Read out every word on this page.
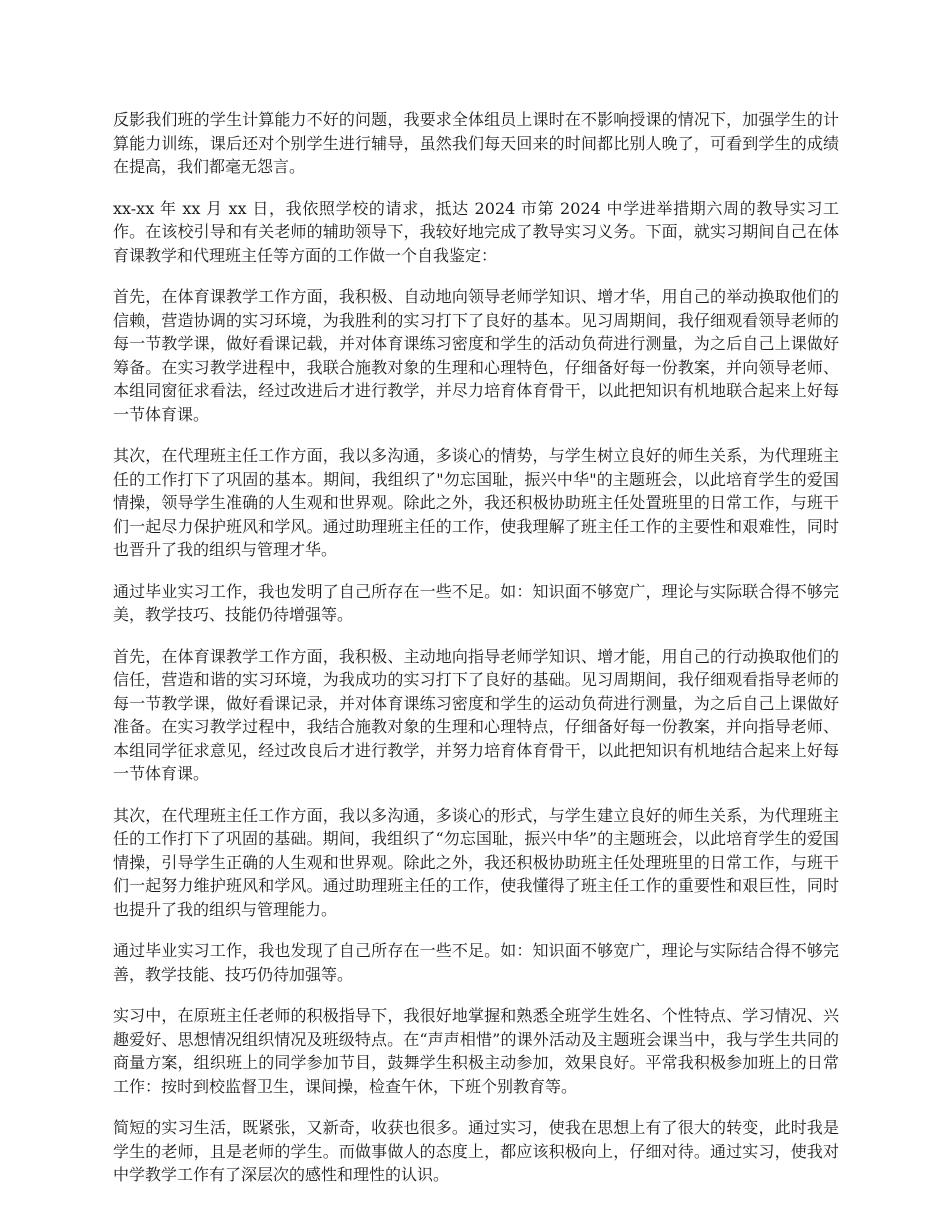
反影我们班的学生计算能力不好的问题，我要求全体组员上课时在不影响授课的情况下，加强学生的计算能力训练，课后还对个别学生进行辅导，虽然我们每天回来的时间都比别人晚了，可看到学生的成绩在提高，我们都毫无怨言。

xx-xx 年 xx 月 xx 日，我依照学校的请求，抵达 2024 市第 2024 中学进举措期六周的教导实习工作。在该校引导和有关老师的辅助领导下，我较好地完成了教导实习义务。下面，就实习期间自己在体育课教学和代理班主任等方面的工作做一个自我鉴定：

首先，在体育课教学工作方面，我积极、自动地向领导老师学知识、增才华，用自己的举动换取他们的信赖，营造协调的实习环境，为我胜利的实习打下了良好的基本。见习周期间，我仔细观看领导老师的每一节教学课，做好看课记载，并对体育课练习密度和学生的活动负荷进行测量，为之后自己上课做好筹备。在实习教学进程中，我联合施教对象的生理和心理特色，仔细备好每一份教案，并向领导老师、本组同窗征求看法，经过改进后才进行教学，并尽力培育体育骨干，以此把知识有机地联合起来上好每一节体育课。

其次，在代理班主任工作方面，我以多沟通，多谈心的情势，与学生树立良好的师生关系，为代理班主任的工作打下了巩固的基本。期间，我组织了"勿忘国耻，振兴中华"的主题班会，以此培育学生的爱国情操，领导学生准确的人生观和世界观。除此之外，我还积极协助班主任处置班里的日常工作，与班干们一起尽力保护班风和学风。通过助理班主任的工作，使我理解了班主任工作的主要性和艰难性，同时也晋升了我的组织与管理才华。

通过毕业实习工作，我也发明了自己所存在一些不足。如：知识面不够宽广，理论与实际联合得不够完美，教学技巧、技能仍待增强等。

首先，在体育课教学工作方面，我积极、主动地向指导老师学知识、增才能，用自己的行动换取他们的信任，营造和谐的实习环境，为我成功的实习打下了良好的基础。见习周期间，我仔细观看指导老师的每一节教学课，做好看课记录，并对体育课练习密度和学生的运动负荷进行测量，为之后自己上课做好准备。在实习教学过程中，我结合施教对象的生理和心理特点，仔细备好每一份教案，并向指导老师、本组同学征求意见，经过改良后才进行教学，并努力培育体育骨干，以此把知识有机地结合起来上好每一节体育课。

其次，在代理班主任工作方面，我以多沟通，多谈心的形式，与学生建立良好的师生关系，为代理班主任的工作打下了巩固的基础。期间，我组织了“勿忘国耻，振兴中华”的主题班会，以此培育学生的爱国情操，引导学生正确的人生观和世界观。除此之外，我还积极协助班主任处理班里的日常工作，与班干们一起努力维护班风和学风。通过助理班主任的工作，使我懂得了班主任工作的重要性和艰巨性，同时也提升了我的组织与管理能力。

通过毕业实习工作，我也发现了自己所存在一些不足。如：知识面不够宽广，理论与实际结合得不够完善，教学技能、技巧仍待加强等。

实习中，在原班主任老师的积极指导下，我很好地掌握和熟悉全班学生姓名、个性特点、学习情况、兴趣爱好、思想情况组织情况及班级特点。在“声声相惜”的课外活动及主题班会课当中，我与学生共同的商量方案，组织班上的同学参加节目，鼓舞学生积极主动参加，效果良好。平常我积极参加班上的日常工作：按时到校监督卫生，课间操，检查午休，下班个别教育等。

简短的实习生活，既紧张，又新奇，收获也很多。通过实习，使我在思想上有了很大的转变，此时我是学生的老师，且是老师的学生。而做事做人的态度上，都应该积极向上，仔细对待。通过实习，使我对中学教学工作有了深层次的感性和理性的认识。
